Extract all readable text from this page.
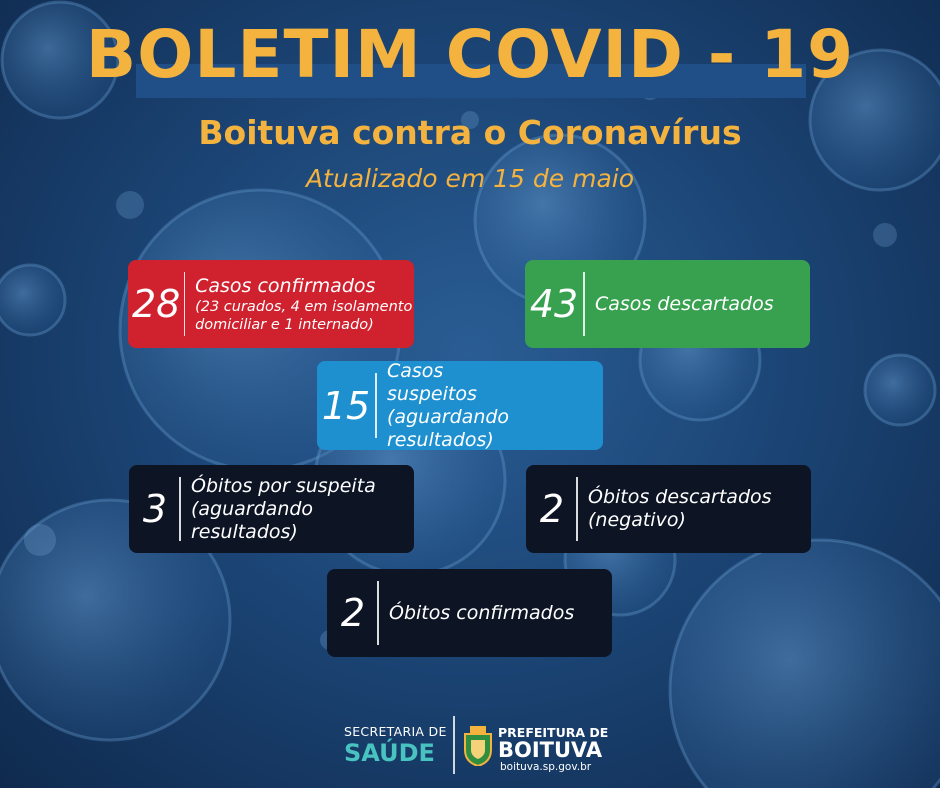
BOLETIM COVID - 19
Boituva contra o Coronavírus
Atualizado em 15 de maio
28 Casos confirmados
(23 curados, 4 em isolamento domiciliar e 1 internado)	43 Casos descartados
15
Casos suspeitos (aguardando resultados)
3
Óbitos por suspeita (aguardando resultados)
2	Óbitos descartados (negativo)
2	Óbitos confirmados
SECRETARIA DE
SAÚDE
PREFEITURA DE
BOITUVA
boituva.sp.gov.br
